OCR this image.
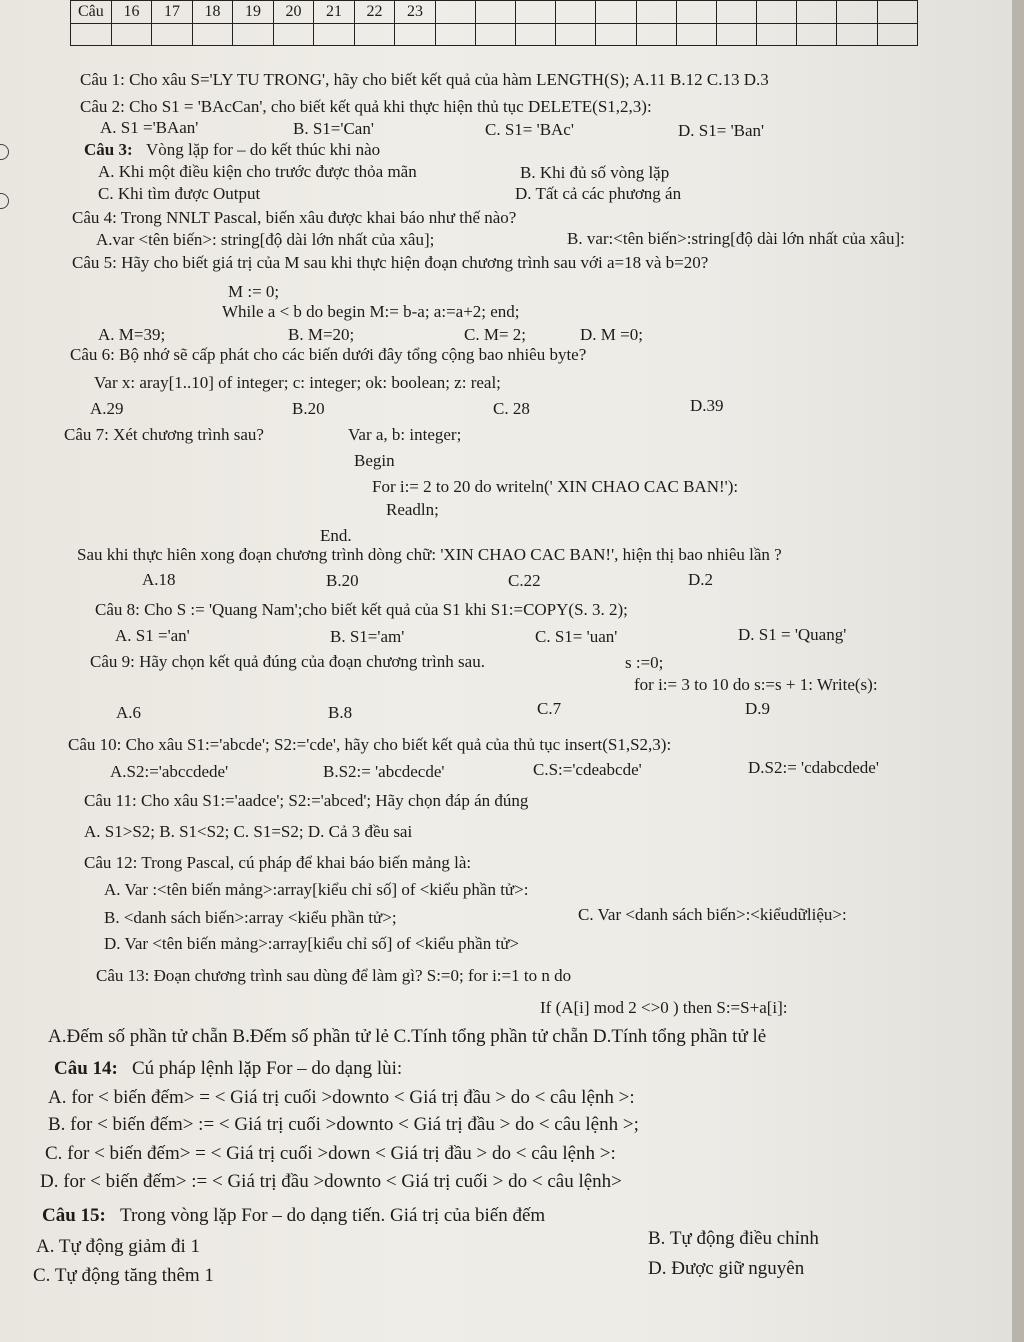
Câu	16	17	18	19	20	21	22	23												

Câu 1: Cho xâu S='LY TU TRONG', hãy cho biết kết quả của hàm LENGTH(S); A.11 B.12 C.13 D.3
Câu 2: Cho S1 = 'BAcCan', cho biết kết quả khi thực hiện thủ tục DELETE(S1,2,3):
A. S1 ='BAan'	B. S1='Can'	C. S1= 'BAc'	D. S1= 'Ban'
Câu 3: Vòng lặp for – do kết thúc khi nào
A. Khi một điều kiện cho trước được thỏa mãn	B. Khi đủ số vòng lặp
C. Khi tìm được Output	D. Tất cả các phương án
Câu 4: Trong NNLT Pascal, biến xâu được khai báo như thế nào?
A.var <tên biến>: string[độ dài lớn nhất của xâu];	B. var:<tên biến>:string[độ dài lớn nhất của xâu]:
Câu 5: Hãy cho biết giá trị của M sau khi thực hiện đoạn chương trình sau với a=18 và b=20?
M := 0;
While a < b do begin M:= b-a; a:=a+2; end;
A. M=39;	B. M=20;	C. M= 2;	D. M =0;
Câu 6: Bộ nhớ sẽ cấp phát cho các biến dưới đây tổng cộng bao nhiêu byte?
Var x: aray[1..10] of integer; c: integer; ok: boolean; z: real;
A.29	B.20	C. 28	D.39
Câu 7: Xét chương trình sau?	Var a, b: integer;
Begin
For i:= 2 to 20 do writeln(' XIN CHAO CAC BAN!'):
Readln;
End.
Sau khi thực hiên xong đoạn chương trình dòng chữ: 'XIN CHAO CAC BAN!', hiện thị bao nhiêu lần ?
A.18	B.20	C.22	D.2
Câu 8: Cho S := 'Quang Nam';cho biết kết quả của S1 khi S1:=COPY(S. 3. 2);
A. S1 ='an'	B. S1='am'	C. S1= 'uan'	D. S1 = 'Quang'
Câu 9: Hãy chọn kết quả đúng của đoạn chương trình sau.	s :=0;
for i:= 3 to 10 do s:=s + 1: Write(s):
A.6	B.8	C.7	D.9
Câu 10: Cho xâu S1:='abcde'; S2:='cde', hãy cho biết kết quả của thủ tục insert(S1,S2,3):
A.S2:='abccdede'	B.S2:= 'abcdecde'	C.S:='cdeabcde'	D.S2:= 'cdabcdede'
Câu 11: Cho xâu S1:='aadce'; S2:='abced'; Hãy chọn đáp án đúng
A. S1>S2; B. S1<S2; C. S1=S2; D. Cả 3 đều sai
Câu 12: Trong Pascal, cú pháp để khai báo biến mảng là:
A. Var :<tên biến mảng>:array[kiểu chỉ số] of <kiểu phần tử>:
B. <danh sách biến>:array <kiểu phần tử>;	C. Var <danh sách biến>:<kiểudữliệu>:
D. Var <tên biến mảng>:array[kiểu chỉ số] of <kiểu phần tử>
Câu 13: Đoạn chương trình sau dùng để làm gì? S:=0; for i:=1 to n do
If (A[i] mod 2 <>0 ) then S:=S+a[i]:
A.Đếm số phần tử chẵn B.Đếm số phần tử lẻ C.Tính tổng phần tử chẵn D.Tính tổng phần tử lẻ
Câu 14: Cú pháp lệnh lặp For – do dạng lùi:
A. for < biến đếm> = < Giá trị cuối >downto < Giá trị đầu > do < câu lệnh >:
B. for < biến đếm> := < Giá trị cuối >downto < Giá trị đầu > do < câu lệnh >;
C. for < biến đếm> = < Giá trị cuối >down < Giá trị đầu > do < câu lệnh >:
D. for < biến đếm> := < Giá trị đầu >downto < Giá trị cuối > do < câu lệnh>
Câu 15: Trong vòng lặp For – do dạng tiến. Giá trị của biến đếm
A. Tự động giảm đi 1	B. Tự động điều chỉnh
C. Tự động tăng thêm 1	D. Được giữ nguyên
